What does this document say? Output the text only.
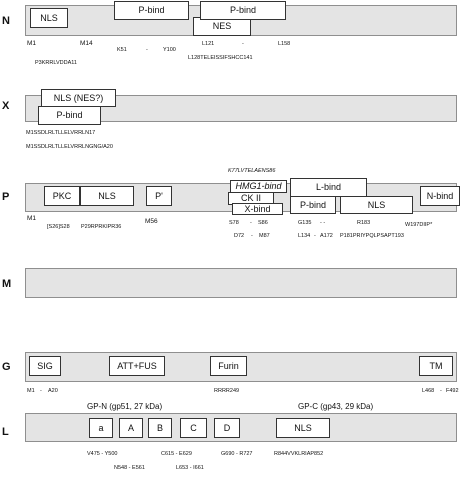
N	NLS
P-bind
NES
P-bind
M1	M14
K51	-	Y100
L121	-	L158
P3KRRLVDDA11
L128TELEISSIFSHCC141
X
NLS (NES?)
P-bind
M1SSDLRLTLLELVRRLN17
M1SSDLRLTLLELVRRLNGNG/A20
K77LVTELAENS86
P	PKC	NLS	P'
HMG1-bind
CK II
X-bind
L-bind
P-bind	NLS
N-bind
M1
[S26]S28 P29RPRKIPR36
M56	S78 - S86	G135 - -	R183	W197DIIP*
D72 - M87	L134 - A172 P181PRIYPQLPSAPT193
M
G	SIG	ATT+FUS	Furin	TM
M1 - A20	RRRR249	L468 - F492
GP-N (gp51, 27 kDa)	GP-C (gp43, 29 kDa)
L	a	A	B	C	D	NLS
V475 - Y500	C615 - E629	G690 - R727	R844VVKLRIAP852
N548 - E561	L653 - I661
